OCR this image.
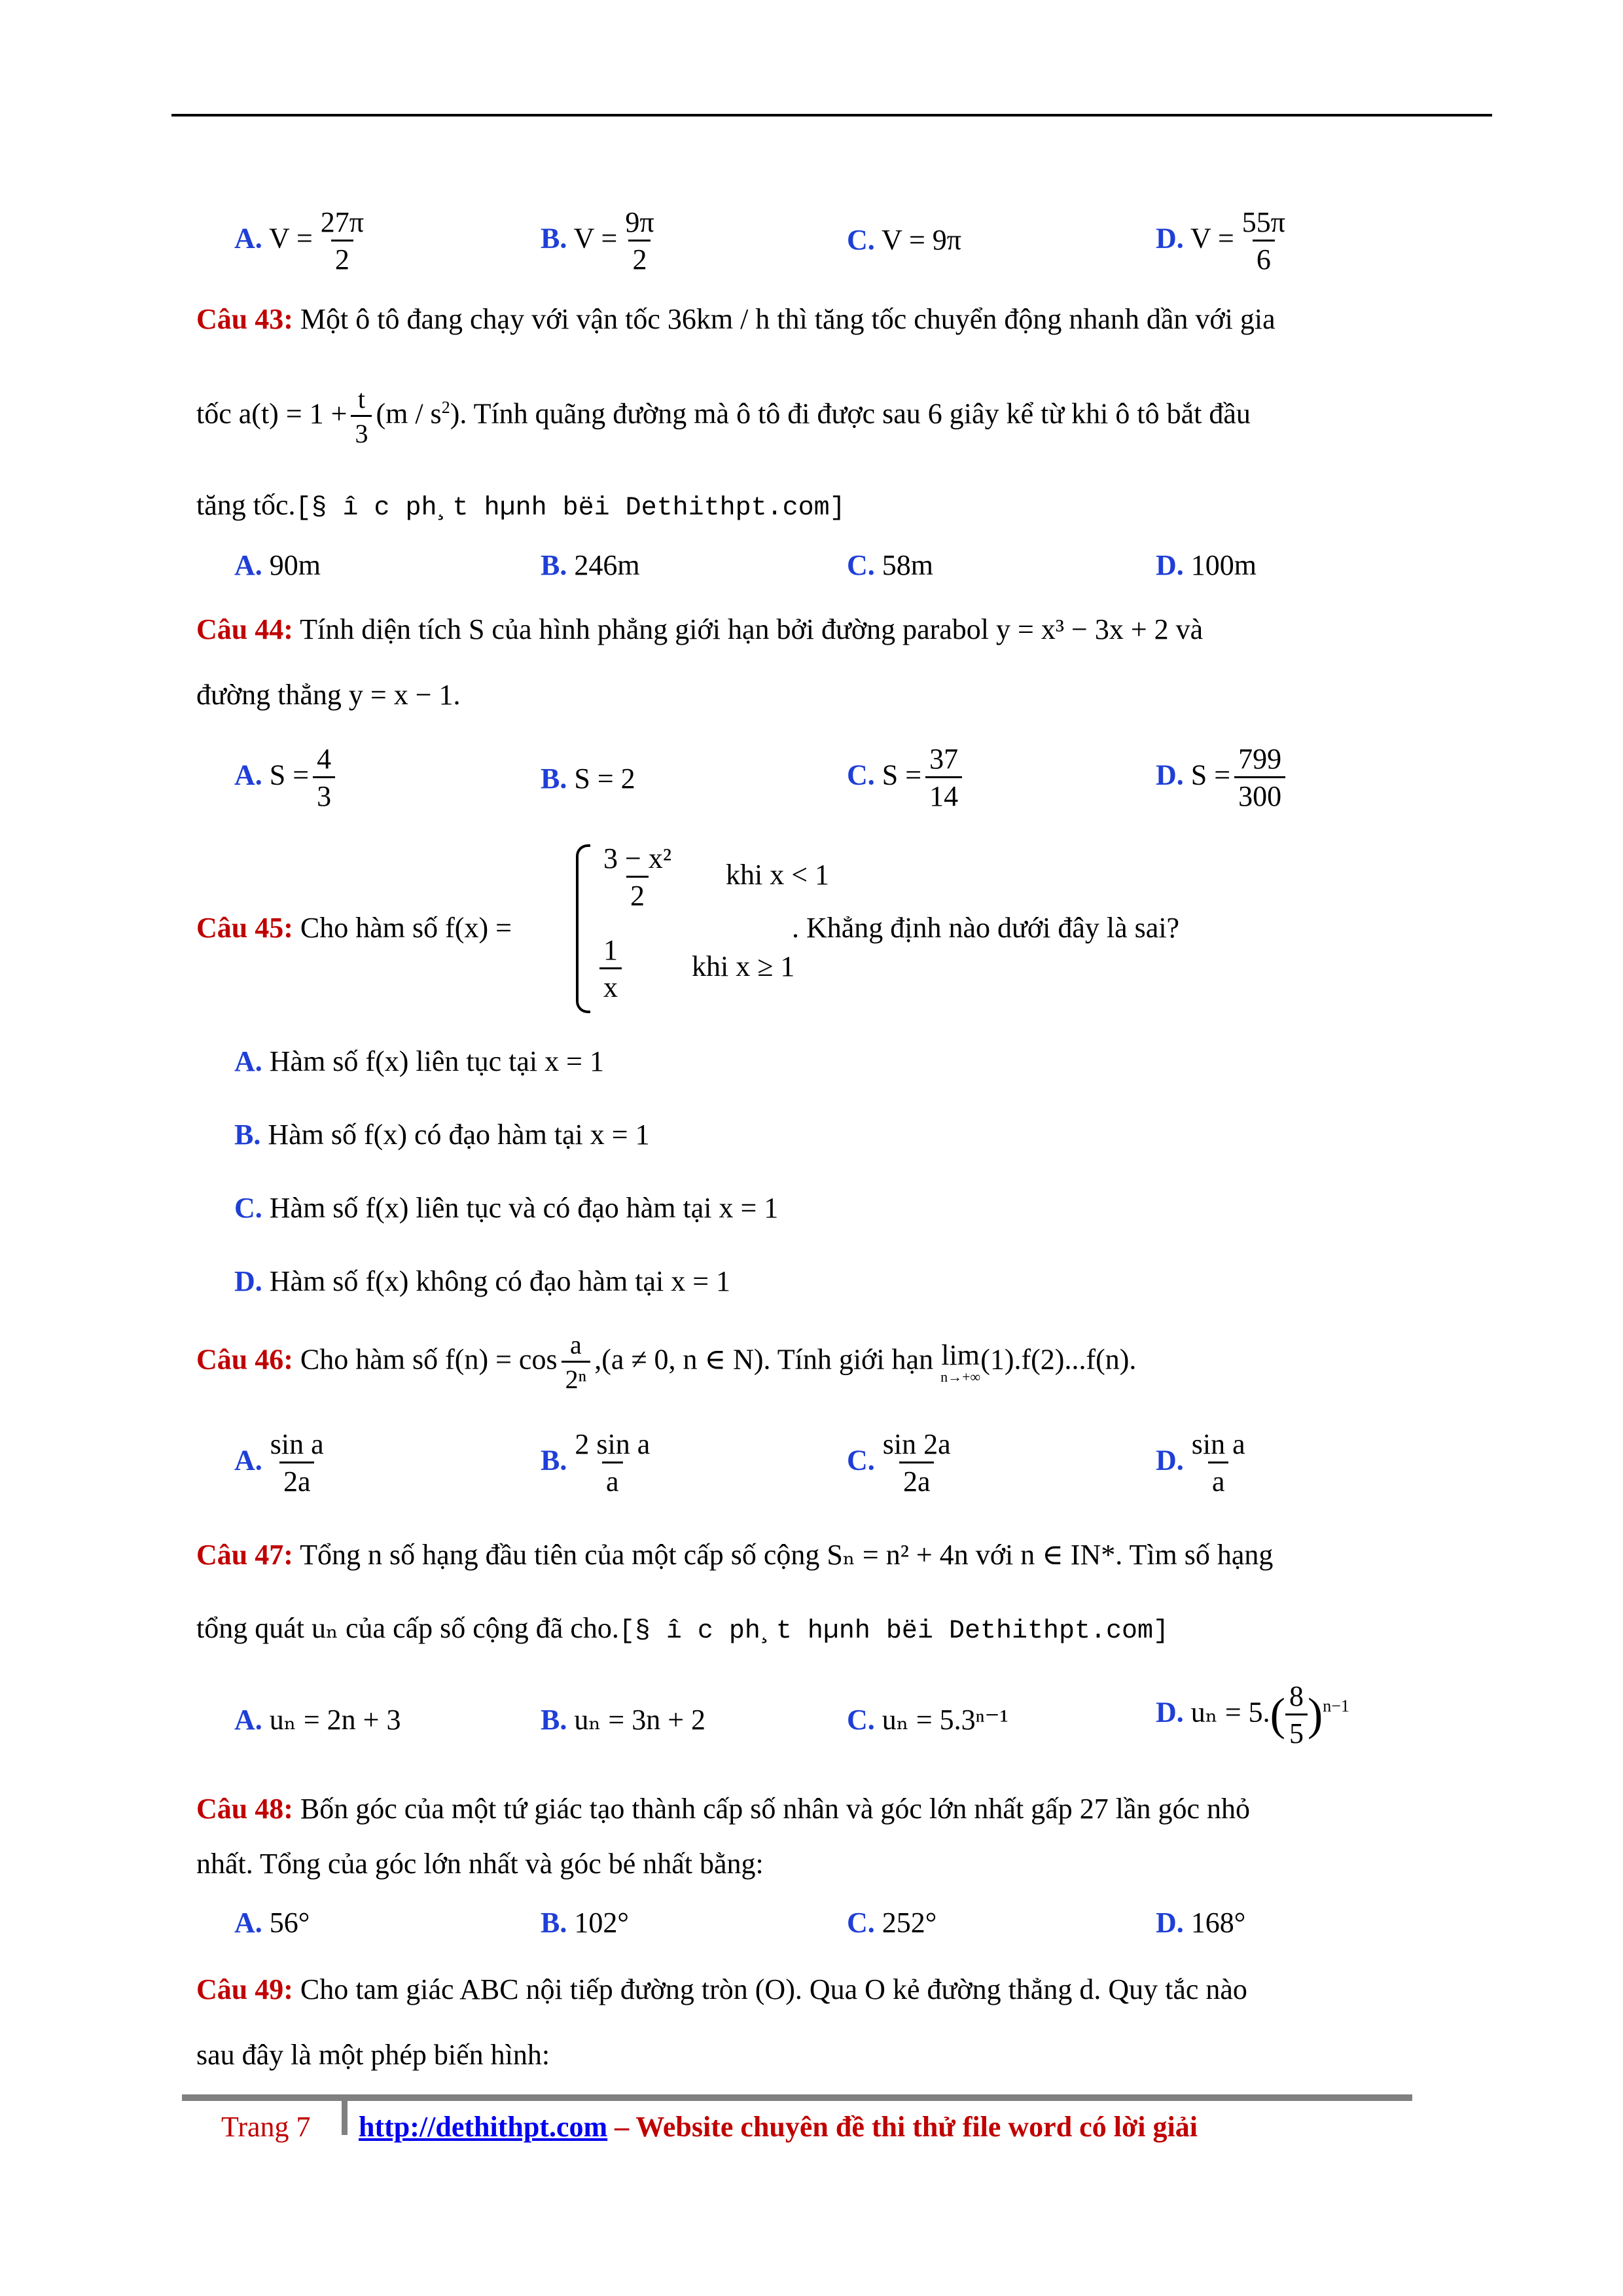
A. $V = \frac{27\pi}{2}$	B. $V = \frac{9\pi}{2}$	C. V = 9π	D. $V = \frac{55\pi}{6}$
Câu 43: Một ô tô đang chạy với vận tốc 36km / h thì tăng tốc chuyển động nhanh dần với gia
tốc $a(t) = 1 + \frac{t}{3} (m / s^2)$. Tính quãng đường mà ô tô đi được sau 6 giây kể từ khi ô tô bắt đầu
tăng tốc.[§ î c ph¸t hµnh bëi Dethithpt.com]
A. 90m	B. 246m	C. 58m	D. 100m
Câu 44: Tính diện tích S của hình phẳng giới hạn bởi đường parabol y = x³ − 3x + 2 và
đường thẳng y = x − 1.
A. $S = \frac{4}{3}$	B. S = 2	C. $S = \frac{37}{14}$	D. $S = \frac{799}{300}$
Câu 45: Cho hàm số f(x) =
$\frac{\text{3 − x²}}{2}$ khi x < 1
$\frac{1}{x}$ khi x ≥ 1
. Khẳng định nào dưới đây là sai?
A. Hàm số f(x) liên tục tại x = 1
B. Hàm số f(x) có đạo hàm tại x = 1
C. Hàm số f(x) liên tục và có đạo hàm tại x = 1
D. Hàm số f(x) không có đạo hàm tại x = 1
Câu 46: Cho hàm số $f(n) = \cos \frac{a}{\text{2ⁿ}} ,(a \ne 0$, n ∈ N). Tính giới hạn lim
n→+∞
(1).f(2)...f(n).
A. $\frac{\text{sin a}}{2a}$	B. $\frac{\text{2 sin a}}{a}$	C. $\frac{\sin 2a}{2a}$	D. $\frac{\text{sin a}}{a}$
Câu 47: Tổng n số hạng đầu tiên của một cấp số cộng Sₙ = n² + 4n với n ∈ IN*. Tìm số hạng
tổng quát uₙ của cấp số cộng đã cho.[§ î c ph¸t hµnh bëi Dethithpt.com]
A. uₙ = 2n + 3	B. uₙ = 3n + 2	C. uₙ = 5.3ⁿ⁻¹	D. $u_n = 5.( \frac{8}{5} )^{n-1}$
Câu 48: Bốn góc của một tứ giác tạo thành cấp số nhân và góc lớn nhất gấp 27 lần góc nhỏ
nhất. Tổng của góc lớn nhất và góc bé nhất bằng:
A. 56°	B. 102°	C. 252°	D. 168°
Câu 49: Cho tam giác ABC nội tiếp đường tròn (O). Qua O kẻ đường thẳng d. Quy tắc nào
sau đây là một phép biến hình:
Trang 7 http://dethithpt.com – Website chuyên đề thi thử file word có lời giải
